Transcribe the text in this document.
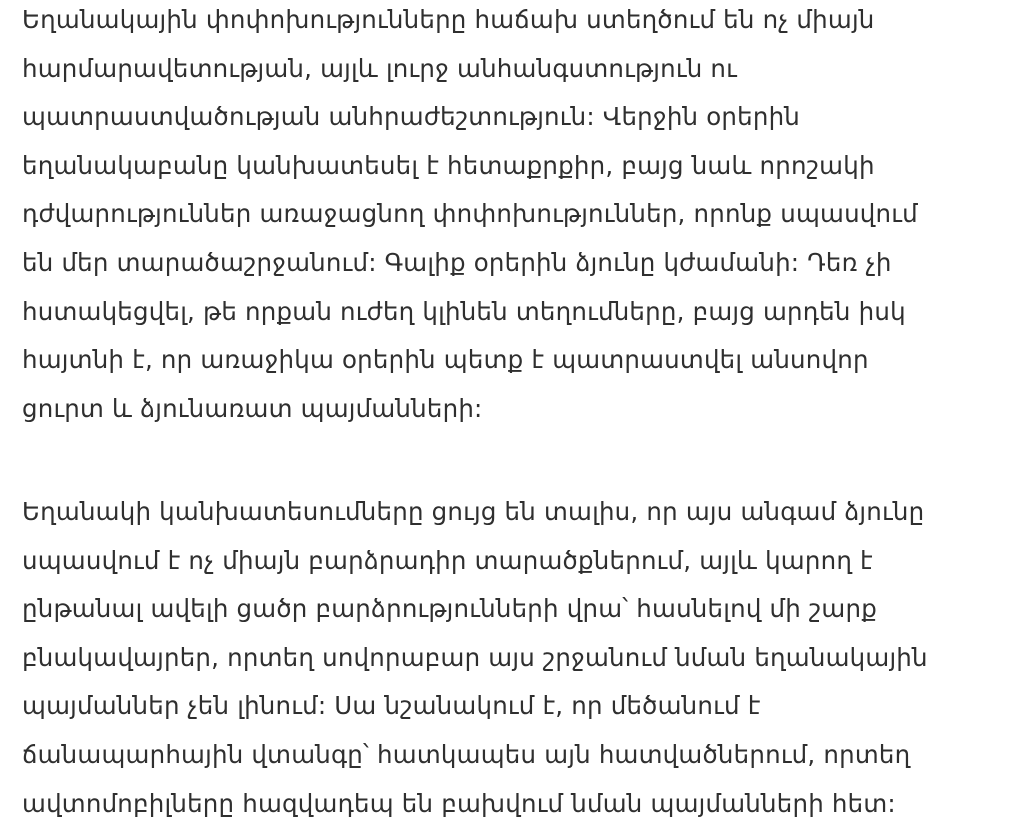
Եղանակային փոփոխությունները հաճախ ստեղծում են ոչ միայն
հարմարավետության, այլև լուրջ անհանգստություն ու
պատրաստվածության անհրաժեշտություն: Վերջին օրերին
եղանակաբանը կանխատեսել է հետաքրքիր, բայց նաև որոշակի
դժվարություններ առաջացնող փոփոխություններ, որոնք սպասվում
են մեր տարածաշրջանում: Գալիք օրերին ձյունը կժամանի: Դեռ չի
հստակեցվել, թե որքան ուժեղ կլինեն տեղումները, բայց արդեն իսկ
հայտնի է, որ առաջիկա օրերին պետք է պատրաստվել անսովոր
ցուրտ և ձյունառատ պայմանների:
Եղանակի կանխատեսումները ցույց են տալիս, որ այս անգամ ձյունը
սպասվում է ոչ միայն բարձրադիր տարածքներում, այլև կարող է
ընթանալ ավելի ցածր բարձրությունների վրա՝ հասնելով մի շարք
բնակավայրեր, որտեղ սովորաբար այս շրջանում նման եղանակային
պայմաններ չեն լինում: Սա նշանակում է, որ մեծանում է
ճանապարհային վտանգը՝ հատկապես այն հատվածներում, որտեղ
ավտոմոբիլները հազվադեպ են բախվում նման պայմանների հետ:
